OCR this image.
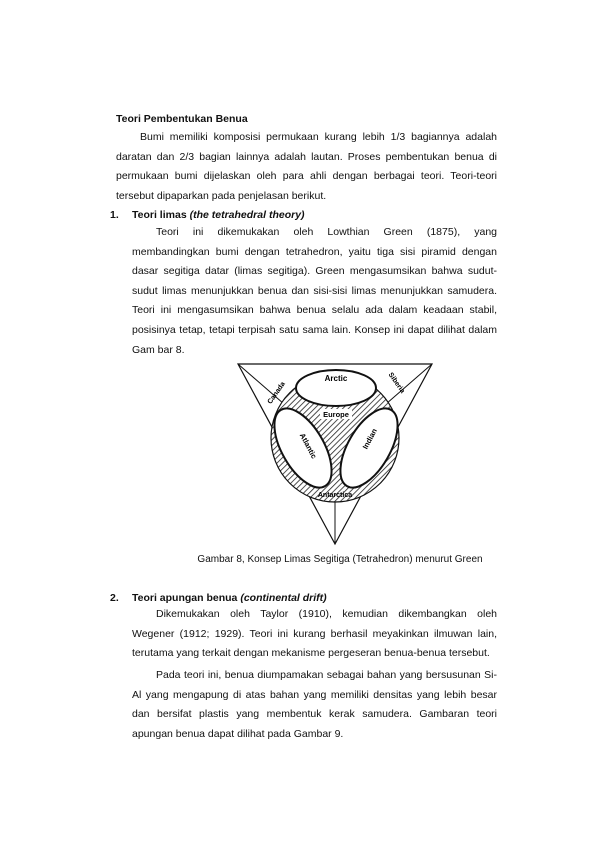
Teori Pembentukan Benua

Bumi memiliki komposisi permukaan kurang lebih 1/3 bagiannya adalah daratan dan 2/3 bagian lainnya adalah lautan. Proses pembentukan benua di permukaan bumi dijelaskan oleh para ahli dengan berbagai teori. Teori-teori tersebut dipaparkan pada penjelasan berikut.

1. Teori limas (the tetrahedral theory)

Teori ini dikemukakan oleh Lowthian Green (1875), yang membandingkan bumi dengan tetrahedron, yaitu tiga sisi piramid dengan dasar segitiga datar (limas segitiga). Green mengasumsikan bahwa sudut-sudut limas menunjukkan benua dan sisi-sisi limas menunjukkan samudera. Teori ini mengasumsikan bahwa benua selalu ada dalam keadaan stabil, posisinya tetap, tetapi terpisah satu sama lain. Konsep ini dapat dilihat dalam Gam bar 8.

Arctic
Canada	Siberia
Europe
Atlantic	Indian
Antarctica
Gambar 8, Konsep Limas Segitiga (Tetrahedron) menurut Green
2. Teori apungan benua (continental drift)

Dikemukakan oleh Taylor (1910), kemudian dikembangkan oleh Wegener (1912; 1929). Teori ini kurang berhasil meyakinkan ilmuwan lain, terutama yang terkait dengan mekanisme pergeseran benua-benua tersebut.

Pada teori ini, benua diumpamakan sebagai bahan yang bersusunan Si-Al yang mengapung di atas bahan yang memiliki densitas yang lebih besar dan bersifat plastis yang membentuk kerak samudera. Gambaran teori apungan benua dapat dilihat pada Gambar 9.
